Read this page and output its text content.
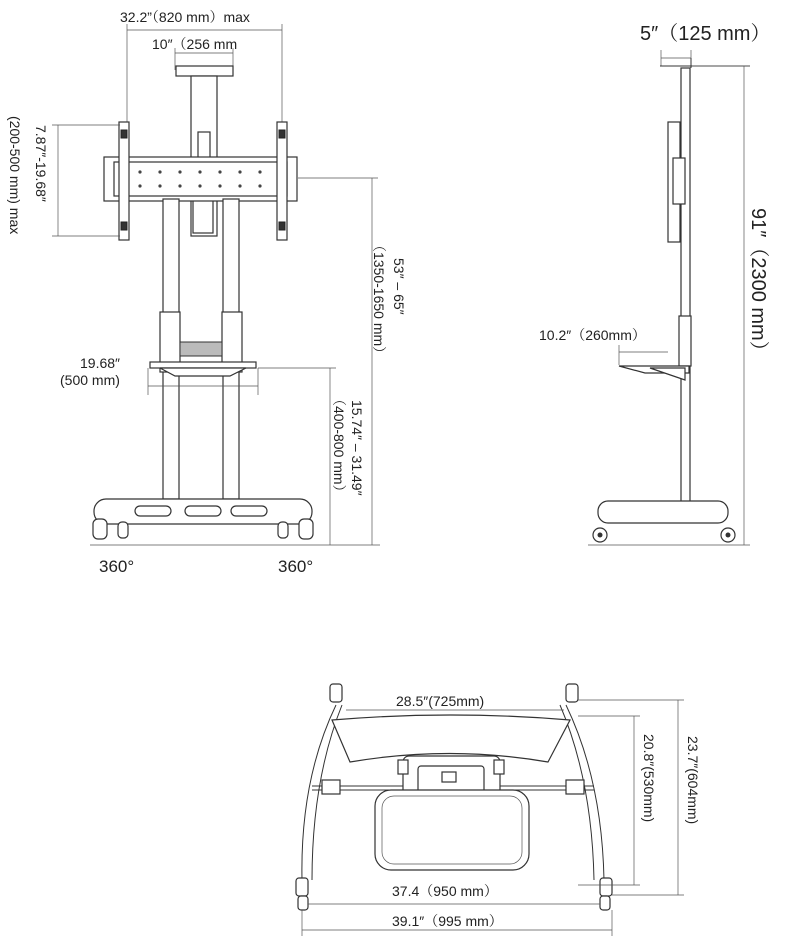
32.2”（820 mm）max
10″（256 mm
7.87″-19.68″
(200-500 mm) max
53″ – 65″
（1350-1650 mm）
19.68″
(500 mm)
15.74″ – 31.49″
（400-800 mm）
360°	360°
5″（125 mm）
91″（2300 mm）
10.2″（260mm）
28.5″(725mm)
20.8″(530mm) 23.7″(604mm)
37.4（950 mm）
39.1″（995 mm）
